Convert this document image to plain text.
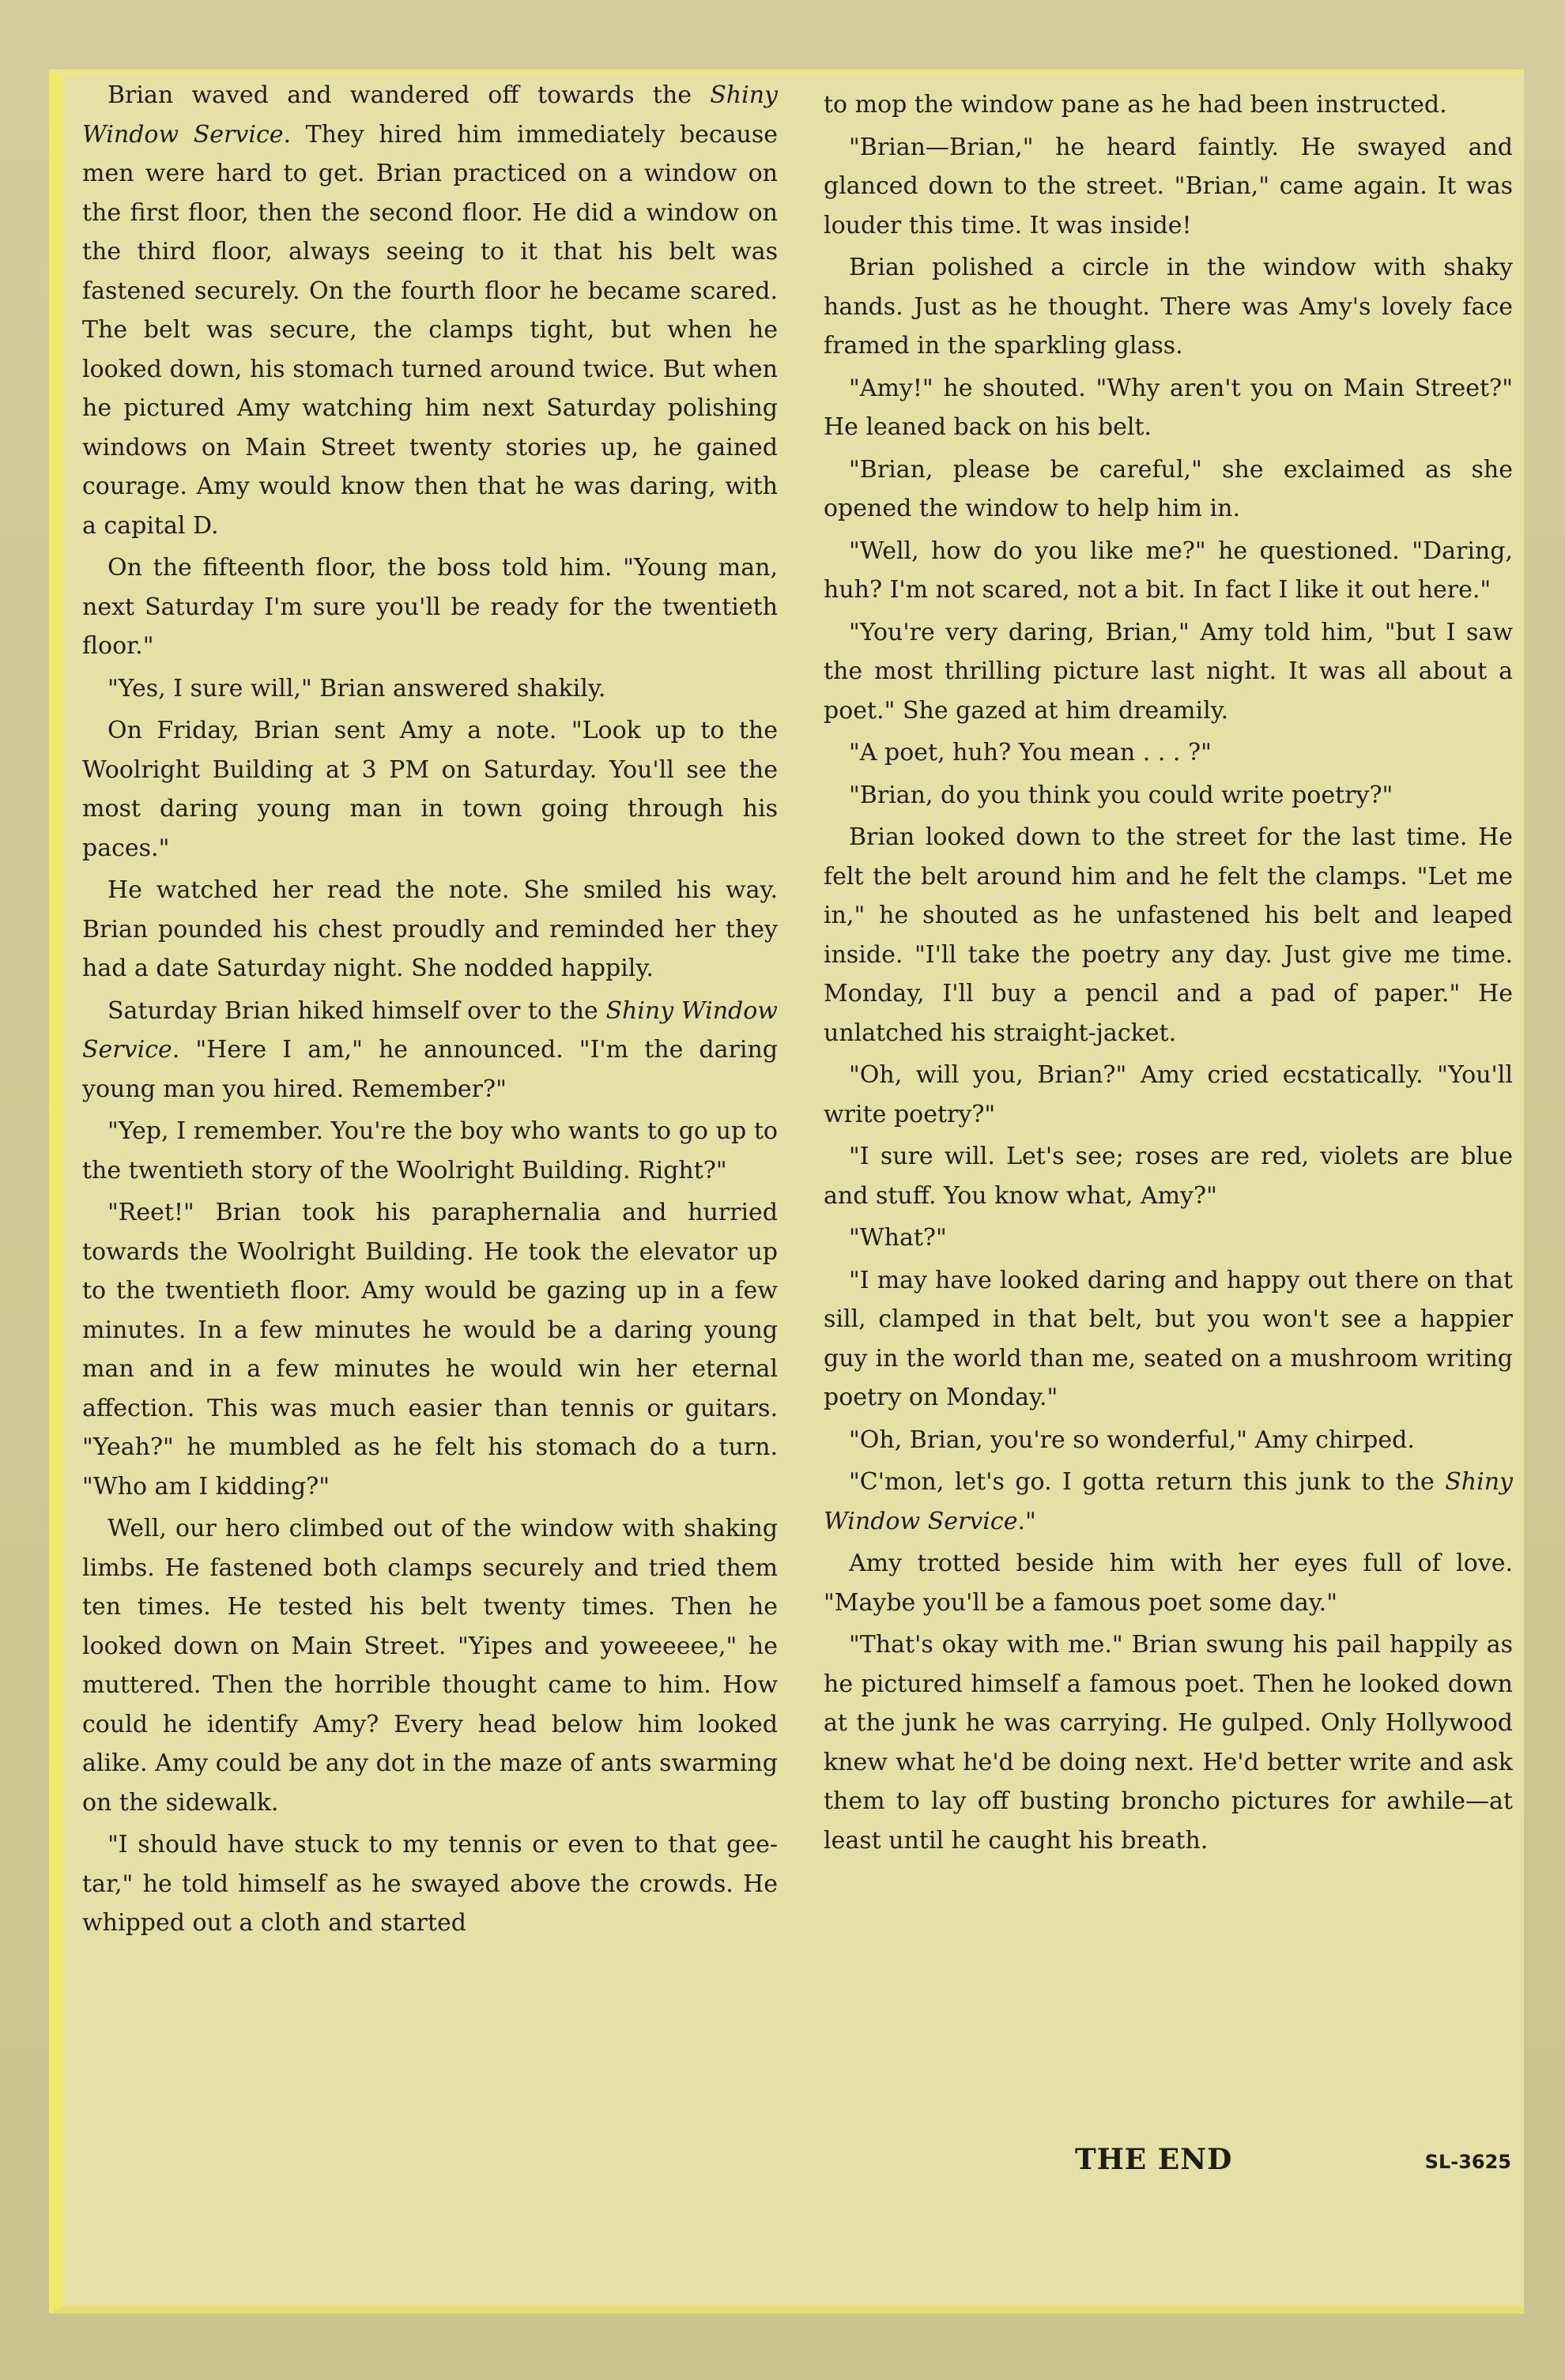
Brian waved and wandered off towards the Shiny Window Service. They hired him immediately because men were hard to get. Brian practiced on a window on the first floor, then the second floor. He did a window on the third floor, always seeing to it that his belt was fastened securely. On the fourth floor he became scared. The belt was secure, the clamps tight, but when he looked down, his stomach turned around twice. But when he pictured Amy watching him next Saturday polishing windows on Main Street twenty stories up, he gained courage. Amy would know then that he was daring, with a capital D.

On the fifteenth floor, the boss told him. "Young man, next Saturday I'm sure you'll be ready for the twentieth floor."

"Yes, I sure will," Brian answered shakily.

On Friday, Brian sent Amy a note. "Look up to the Woolright Building at 3 PM on Saturday. You'll see the most daring young man in town going through his paces."

He watched her read the note. She smiled his way. Brian pounded his chest proudly and reminded her they had a date Saturday night. She nodded happily.

Saturday Brian hiked himself over to the Shiny Window Service. "Here I am," he announced. "I'm the daring young man you hired. Remember?"

"Yep, I remember. You're the boy who wants to go up to the twentieth story of the Woolright Building. Right?"

"Reet!" Brian took his paraphernalia and hurried towards the Woolright Building. He took the elevator up to the twentieth floor. Amy would be gazing up in a few minutes. In a few minutes he would be a daring young man and in a few minutes he would win her eternal affection. This was much easier than tennis or guitars. "Yeah?" he mumbled as he felt his stomach do a turn. "Who am I kidding?"

Well, our hero climbed out of the window with shaking limbs. He fastened both clamps securely and tried them ten times. He tested his belt twenty times. Then he looked down on Main Street. "Yipes and yoweeeee," he muttered. Then the horrible thought came to him. How could he identify Amy? Every head below him looked alike. Amy could be any dot in the maze of ants swarming on the sidewalk.

"I should have stuck to my tennis or even to that gee-tar," he told himself as he swayed above the crowds. He whipped out a cloth and started

to mop the window pane as he had been instructed.

"Brian—Brian," he heard faintly. He swayed and glanced down to the street. "Brian," came again. It was louder this time. It was inside!

Brian polished a circle in the window with shaky hands. Just as he thought. There was Amy's lovely face framed in the sparkling glass.

"Amy!" he shouted. "Why aren't you on Main Street?" He leaned back on his belt.

"Brian, please be careful," she exclaimed as she opened the window to help him in.

"Well, how do you like me?" he questioned. "Daring, huh? I'm not scared, not a bit. In fact I like it out here."

"You're very daring, Brian," Amy told him, "but I saw the most thrilling picture last night. It was all about a poet." She gazed at him dreamily.

"A poet, huh? You mean . . . ?"

"Brian, do you think you could write poetry?"

Brian looked down to the street for the last time. He felt the belt around him and he felt the clamps. "Let me in," he shouted as he unfastened his belt and leaped inside. "I'll take the poetry any day. Just give me time. Monday, I'll buy a pencil and a pad of paper." He unlatched his straight-jacket.

"Oh, will you, Brian?" Amy cried ecstatically. "You'll write poetry?"

"I sure will. Let's see; roses are red, violets are blue and stuff. You know what, Amy?"

"What?"

"I may have looked daring and happy out there on that sill, clamped in that belt, but you won't see a happier guy in the world than me, seated on a mushroom writing poetry on Monday."

"Oh, Brian, you're so wonderful," Amy chirped.

"C'mon, let's go. I gotta return this junk to the Shiny Window Service."

Amy trotted beside him with her eyes full of love. "Maybe you'll be a famous poet some day."

"That's okay with me." Brian swung his pail happily as he pictured himself a famous poet. Then he looked down at the junk he was carrying. He gulped. Only Hollywood knew what he'd be doing next. He'd better write and ask them to lay off busting broncho pictures for awhile—at least until he caught his breath.

THE END	SL-3625
